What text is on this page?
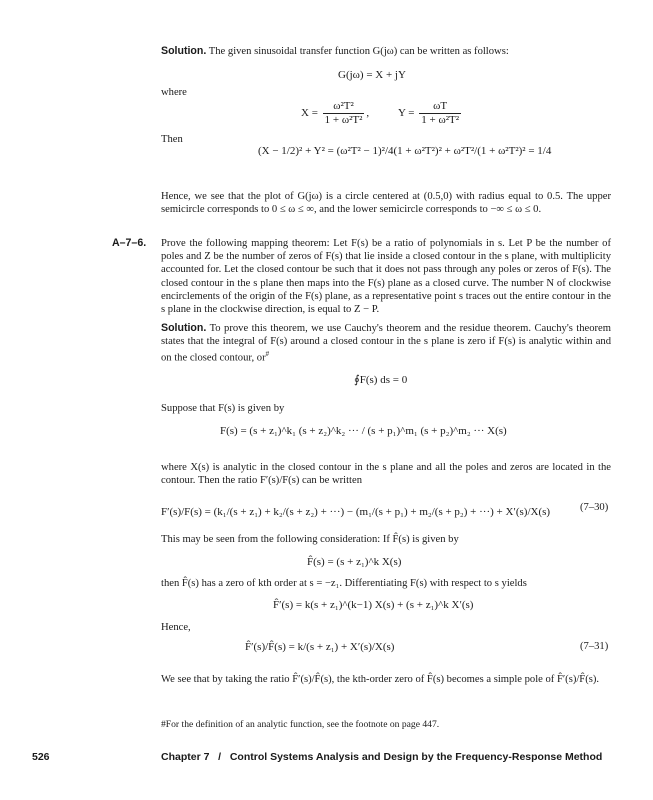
Solution. The given sinusoidal transfer function G(jω) can be written as follows:
G(jω) = X + jY
where
$X = \frac{\text{ω²T²}}{\text{1 + ω²T²}}$ ,	$Y = \frac{\omega T}{\text{1 + ω²T²}}$
Then
(X − 1/2)² + Y² = (ω²T² − 1)²/4(1 + ω²T²)² + ω²T²/(1 + ω²T²)² = 1/4
Hence, we see that the plot of G(jω) is a circle centered at (0.5,0) with radius equal to 0.5. The upper semicircle corresponds to 0 ≤ ω ≤ ∞, and the lower semicircle corresponds to −∞ ≤ ω ≤ 0.
A–7–6. Prove the following mapping theorem: Let F(s) be a ratio of polynomials in s. Let P be the number of poles and Z be the number of zeros of F(s) that lie inside a closed contour in the s plane, with multiplicity accounted for. Let the closed contour be such that it does not pass through any poles or zeros of F(s). The closed contour in the s plane then maps into the F(s) plane as a closed curve. The number N of clockwise encirclements of the origin of the F(s) plane, as a representative point s traces out the entire contour in the s plane in the clockwise direction, is equal to Z − P.
Solution. To prove this theorem, we use Cauchy's theorem and the residue theorem. Cauchy's theorem states that the integral of F(s) around a closed contour in the s plane is zero if F(s) is analytic within and on the closed contour, or#
∮F(s) ds = 0
Suppose that F(s) is given by
F(s) = (s + z₁)^k₁ (s + z₂)^k₂ ··· / (s + p₁)^m₁ (s + p₂)^m₂ ··· X(s)
where X(s) is analytic in the closed contour in the s plane and all the poles and zeros are located in the contour. Then the ratio F′(s)/F(s) can be written
F′(s)/F(s) = (k₁/(s + z₁) + k₂/(s + z₂) + ···) − (m₁/(s + p₁) + m₂/(s + p₂) + ···) + X′(s)/X(s)	(7–30)
This may be seen from the following consideration: If F̂(s) is given by
F̂(s) = (s + z₁)^k X(s)
then F̂(s) has a zero of kth order at s = −z₁. Differentiating F(s) with respect to s yields
F̂′(s) = k(s + z₁)^(k−1) X(s) + (s + z₁)^k X′(s)
Hence,
F̂′(s)/F̂(s) = k/(s + z₁) + X′(s)/X(s)	(7–31)
We see that by taking the ratio F̂′(s)/F̂(s), the kth-order zero of F̂(s) becomes a simple pole of F̂′(s)/F̂(s).
#For the definition of an analytic function, see the footnote on page 447.
526	Chapter 7   /   Control Systems Analysis and Design by the Frequency-Response Method
